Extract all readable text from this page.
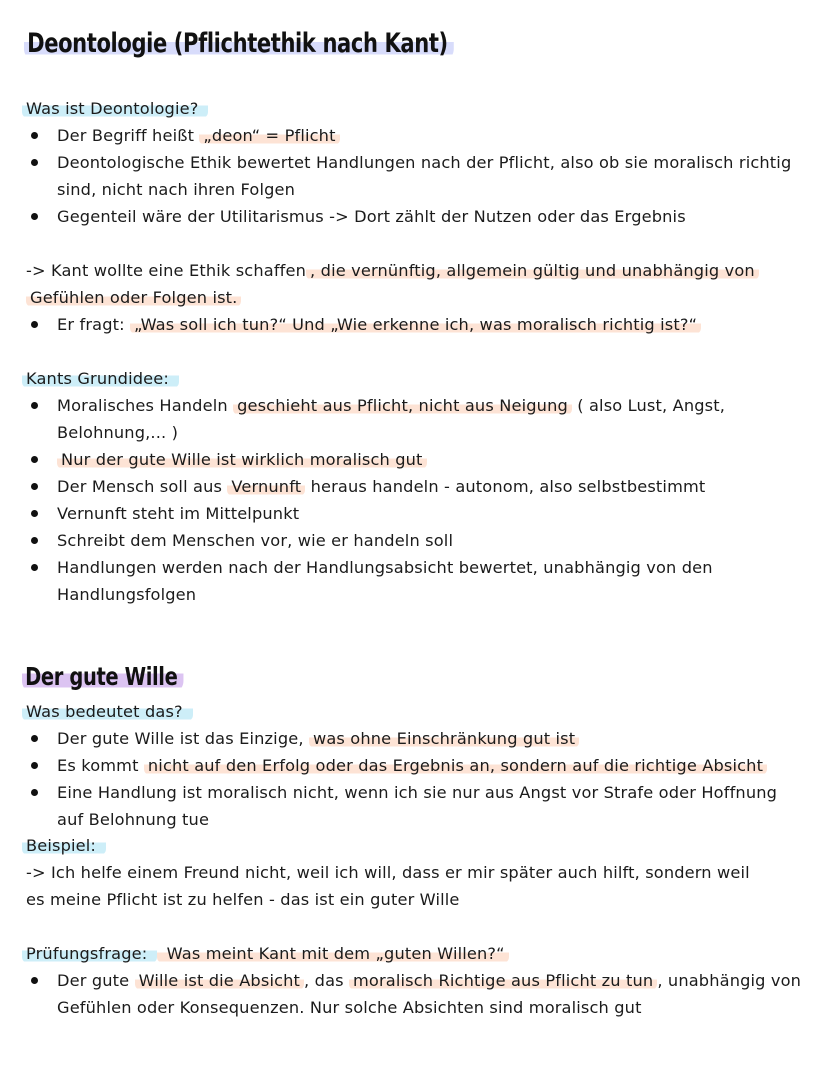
Deontologie (Pflichtethik nach Kant)
Was ist Deontologie?
Der Begriff heißt „deon“ = Pflicht
Deontologische Ethik bewertet Handlungen nach der Pflicht, also ob sie moralisch richtig
sind, nicht nach ihren Folgen
Gegenteil wäre der Utilitarismus -> Dort zählt der Nutzen oder das Ergebnis
-> Kant wollte eine Ethik schaffen , die vernünftig, allgemein gültig und unabhängig von
Gefühlen oder Folgen ist.
Er fragt: „Was soll ich tun?“ Und „Wie erkenne ich, was moralisch richtig ist?“
Kants Grundidee:
Moralisches Handeln geschieht aus Pflicht, nicht aus Neigung ( also Lust, Angst,
Belohnung,... )
Nur der gute Wille ist wirklich moralisch gut
Der Mensch soll aus Vernunft heraus handeln - autonom, also selbstbestimmt
Vernunft steht im Mittelpunkt
Schreibt dem Menschen vor, wie er handeln soll
Handlungen werden nach der Handlungsabsicht bewertet, unabhängig von den
Handlungsfolgen
Der gute Wille
Was bedeutet das?
Der gute Wille ist das Einzige, was ohne Einschränkung gut ist
Es kommt nicht auf den Erfolg oder das Ergebnis an, sondern auf die richtige Absicht
Eine Handlung ist moralisch nicht, wenn ich sie nur aus Angst vor Strafe oder Hoffnung
auf Belohnung tue
Beispiel:
-> Ich helfe einem Freund nicht, weil ich will, dass er mir später auch hilft, sondern weil
es meine Pflicht ist zu helfen - das ist ein guter Wille
Prüfungsfrage: Was meint Kant mit dem „guten Willen?“
Der gute Wille ist die Absicht , das moralisch Richtige aus Pflicht zu tun , unabhängig von
Gefühlen oder Konsequenzen. Nur solche Absichten sind moralisch gut
